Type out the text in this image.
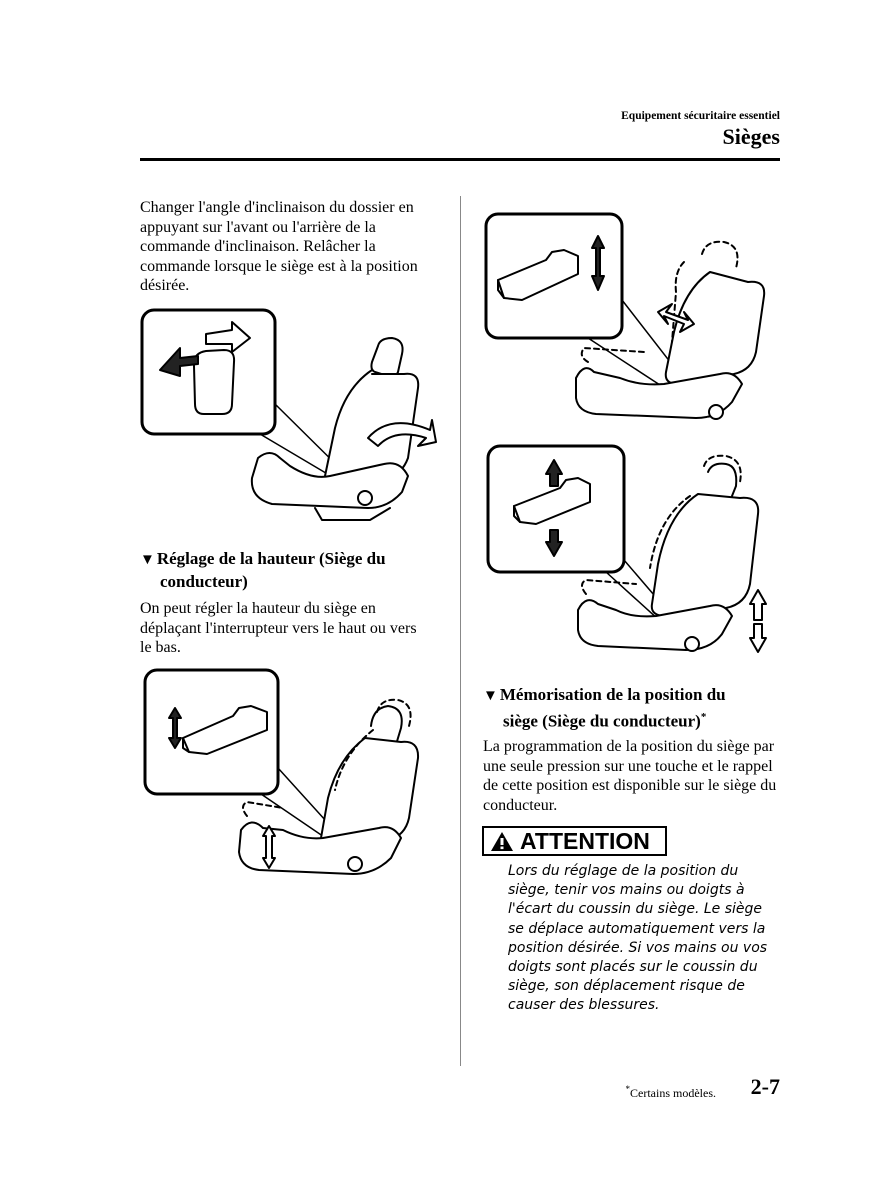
Equipement sécuritaire essentiel
Sièges
Changer l'angle d'inclinaison du dossier en appuyant sur l'avant ou l'arrière de la commande d'inclinaison. Relâcher la commande lorsque le siège est à la position désirée.
▼ Réglage de la hauteur (Siège du
conducteur)
On peut régler la hauteur du siège en déplaçant l'interrupteur vers le haut ou vers le bas.
▼ Mémorisation de la position du
siège (Siège du conducteur)*
La programmation de la position du siège par une seule pression sur une touche et le rappel de cette position est disponible sur le siège du conducteur.
ATTENTION
Lors du réglage de la position du siège, tenir vos mains ou doigts à l'écart du coussin du siège. Le siège se déplace automatiquement vers la position désirée. Si vos mains ou vos doigts sont placés sur le coussin du siège, son déplacement risque de causer des blessures.
*Certains modèles.	2-7
